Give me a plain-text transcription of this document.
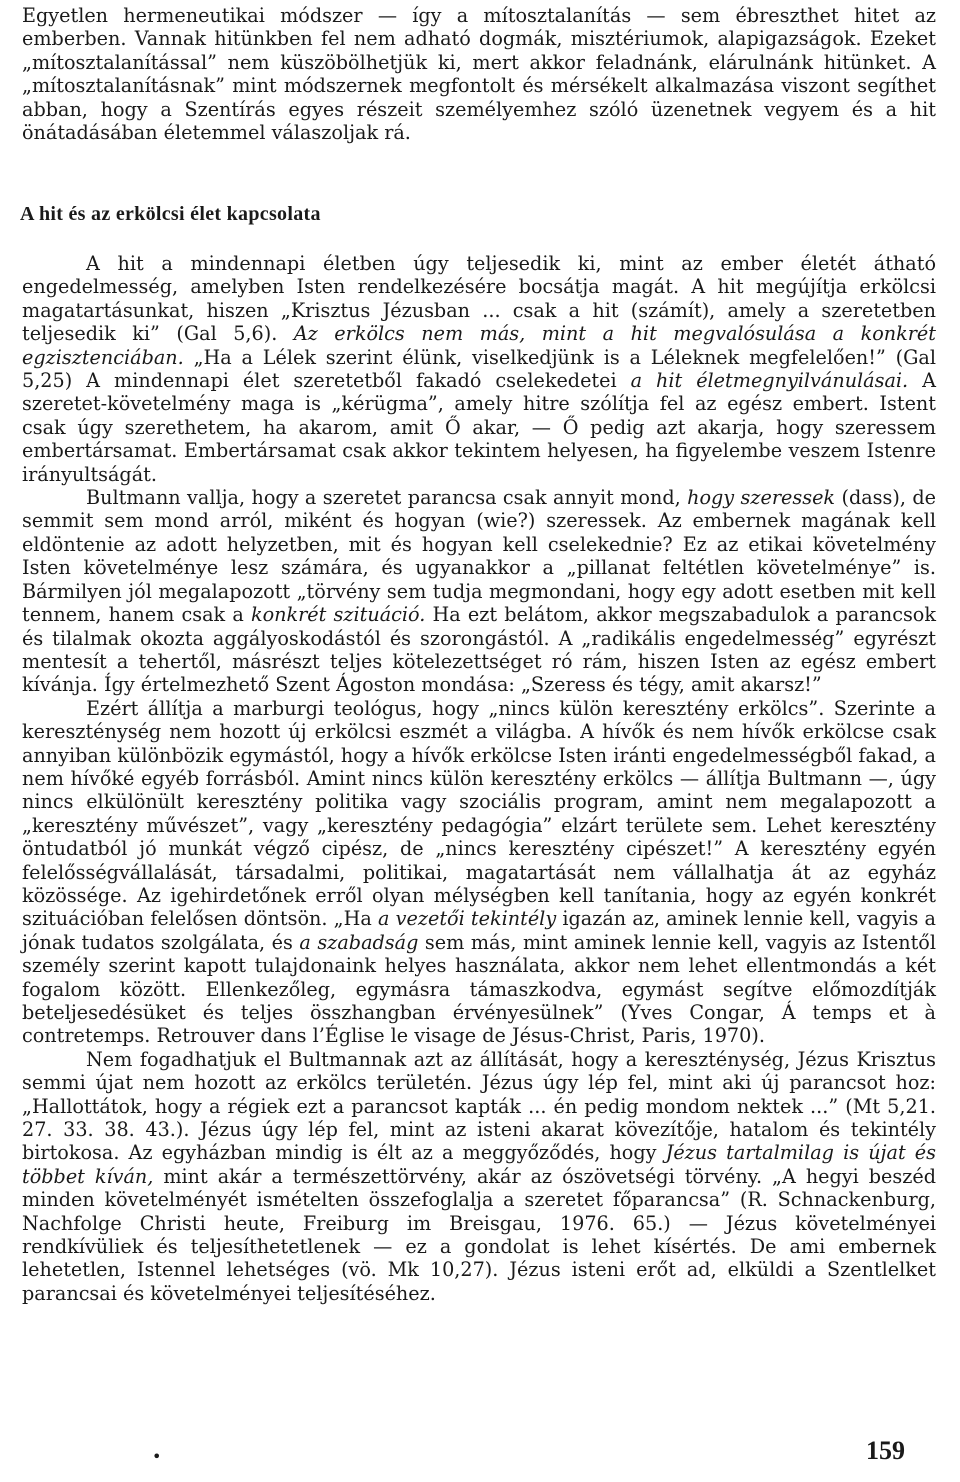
Egyetlen hermeneutikai módszer — így a mítosztalanítás — sem ébreszthet hitet az emberben. Vannak hitünkben fel nem adható dogmák, misztériumok, alapigazságok. Ezeket „mítosztalanítással” nem küszöbölhetjük ki, mert akkor feladnánk, elárulnánk hitünket. A „mítosztalanításnak” mint módszernek megfontolt és mérsékelt alkalmazása viszont segíthet abban, hogy a Szentírás egyes részeit személyemhez szóló üzenetnek vegyem és a hit önátadásában életemmel válaszoljak rá.

A hit és az erkölcsi élet kapcsolata

A hit a mindennapi életben úgy teljesedik ki, mint az ember életét átható engedelmesség, amelyben Isten rendelkezésére bocsátja magát. A hit megújítja erkölcsi magatartásunkat, hiszen „Krisztus Jézusban ... csak a hit (számít), amely a szeretetben teljesedik ki” (Gal 5,6). Az erkölcs nem más, mint a hit megvalósulása a konkrét egzisztenciában. „Ha a Lélek szerint élünk, viselkedjünk is a Léleknek megfelelően!” (Gal 5,25) A mindennapi élet szeretetből fakadó cselekedetei a hit életmegnyilvánulásai. A szeretet-követelmény maga is „kérügma”, amely hitre szólítja fel az egész embert. Istent csak úgy szerethetem, ha akarom, amit Ő akar, — Ő pedig azt akarja, hogy szeressem embertársamat. Embertársamat csak akkor tekintem helyesen, ha figyelembe veszem Istenre irányultságát.

Bultmann vallja, hogy a szeretet parancsa csak annyit mond, hogy szeressek (dass), de semmit sem mond arról, miként és hogyan (wie?) szeressek. Az embernek magának kell eldöntenie az adott helyzetben, mit és hogyan kell cselekednie? Ez az etikai követelmény Isten követelménye lesz számára, és ugyanakkor a „pillanat feltétlen követelménye” is. Bármilyen jól megalapozott „törvény sem tudja megmondani, hogy egy adott esetben mit kell tennem, hanem csak a konkrét szituáció. Ha ezt belátom, akkor megszabadulok a parancsok és tilalmak okozta aggályoskodástól és szorongástól. A „radikális engedelmesség” egyrészt mentesít a tehertől, másrészt teljes kötelezettséget ró rám, hiszen Isten az egész embert kívánja. Így értelmezhető Szent Ágoston mondása: „Szeress és tégy, amit akarsz!”

Ezért állítja a marburgi teológus, hogy „nincs külön keresztény erkölcs”. Szerinte a kereszténység nem hozott új erkölcsi eszmét a világba. A hívők és nem hívők erkölcse csak annyiban különbözik egymástól, hogy a hívők erkölcse Isten iránti engedelmességből fakad, a nem hívőké egyéb forrásból. Amint nincs külön keresztény erkölcs — állítja Bultmann —, úgy nincs elkülönült keresztény politika vagy szociális program, amint nem megalapozott a „keresztény művészet”, vagy „keresztény pedagógia” elzárt területe sem. Lehet keresztény öntudatból jó munkát végző cipész, de „nincs keresztény cipészet!” A keresztény egyén felelősségvállalását, társadalmi, politikai, magatartását nem vállalhatja át az egyház közössége. Az igehirdetőnek erről olyan mélységben kell tanítania, hogy az egyén konkrét szituációban felelősen döntsön. „Ha a vezetői tekintély igazán az, aminek lennie kell, vagyis a jónak tudatos szolgálata, és a szabadság sem más, mint aminek lennie kell, vagyis az Istentől személy szerint kapott tulajdonaink helyes használata, akkor nem lehet ellentmondás a két fogalom között. Ellenkezőleg, egymásra támaszkodva, egymást segítve előmozdítják beteljesedésüket és teljes összhangban érvényesülnek” (Yves Congar, Á temps et à contretemps. Retrouver dans l’Église le visage de Jésus-Christ, Paris, 1970).

Nem fogadhatjuk el Bultmannak azt az állítását, hogy a kereszténység, Jézus Krisztus semmi újat nem hozott az erkölcs területén. Jézus úgy lép fel, mint aki új parancsot hoz: „Hallottátok, hogy a régiek ezt a parancsot kapták ... én pedig mondom nektek ...” (Mt 5,21. 27. 33. 38. 43.). Jézus úgy lép fel, mint az isteni akarat kövezítője, hatalom és tekintély birtokosa. Az egyházban mindig is élt az a meggyőződés, hogy Jézus tartalmilag is újat és többet kíván, mint akár a természettörvény, akár az ószövetségi törvény. „A hegyi beszéd minden követelményét ismételten összefoglalja a szeretet főparancsa” (R. Schnackenburg, Nachfolge Christi heute, Freiburg im Breisgau, 1976. 65.) — Jézus követelményei rendkívüliek és teljesíthetetlenek — ez a gondolat is lehet kísértés. De ami embernek lehetetlen, Istennel lehetséges (vö. Mk 10,27). Jézus isteni erőt ad, elküldi a Szentlelket parancsai és követelményei teljesítéséhez.

•	159
